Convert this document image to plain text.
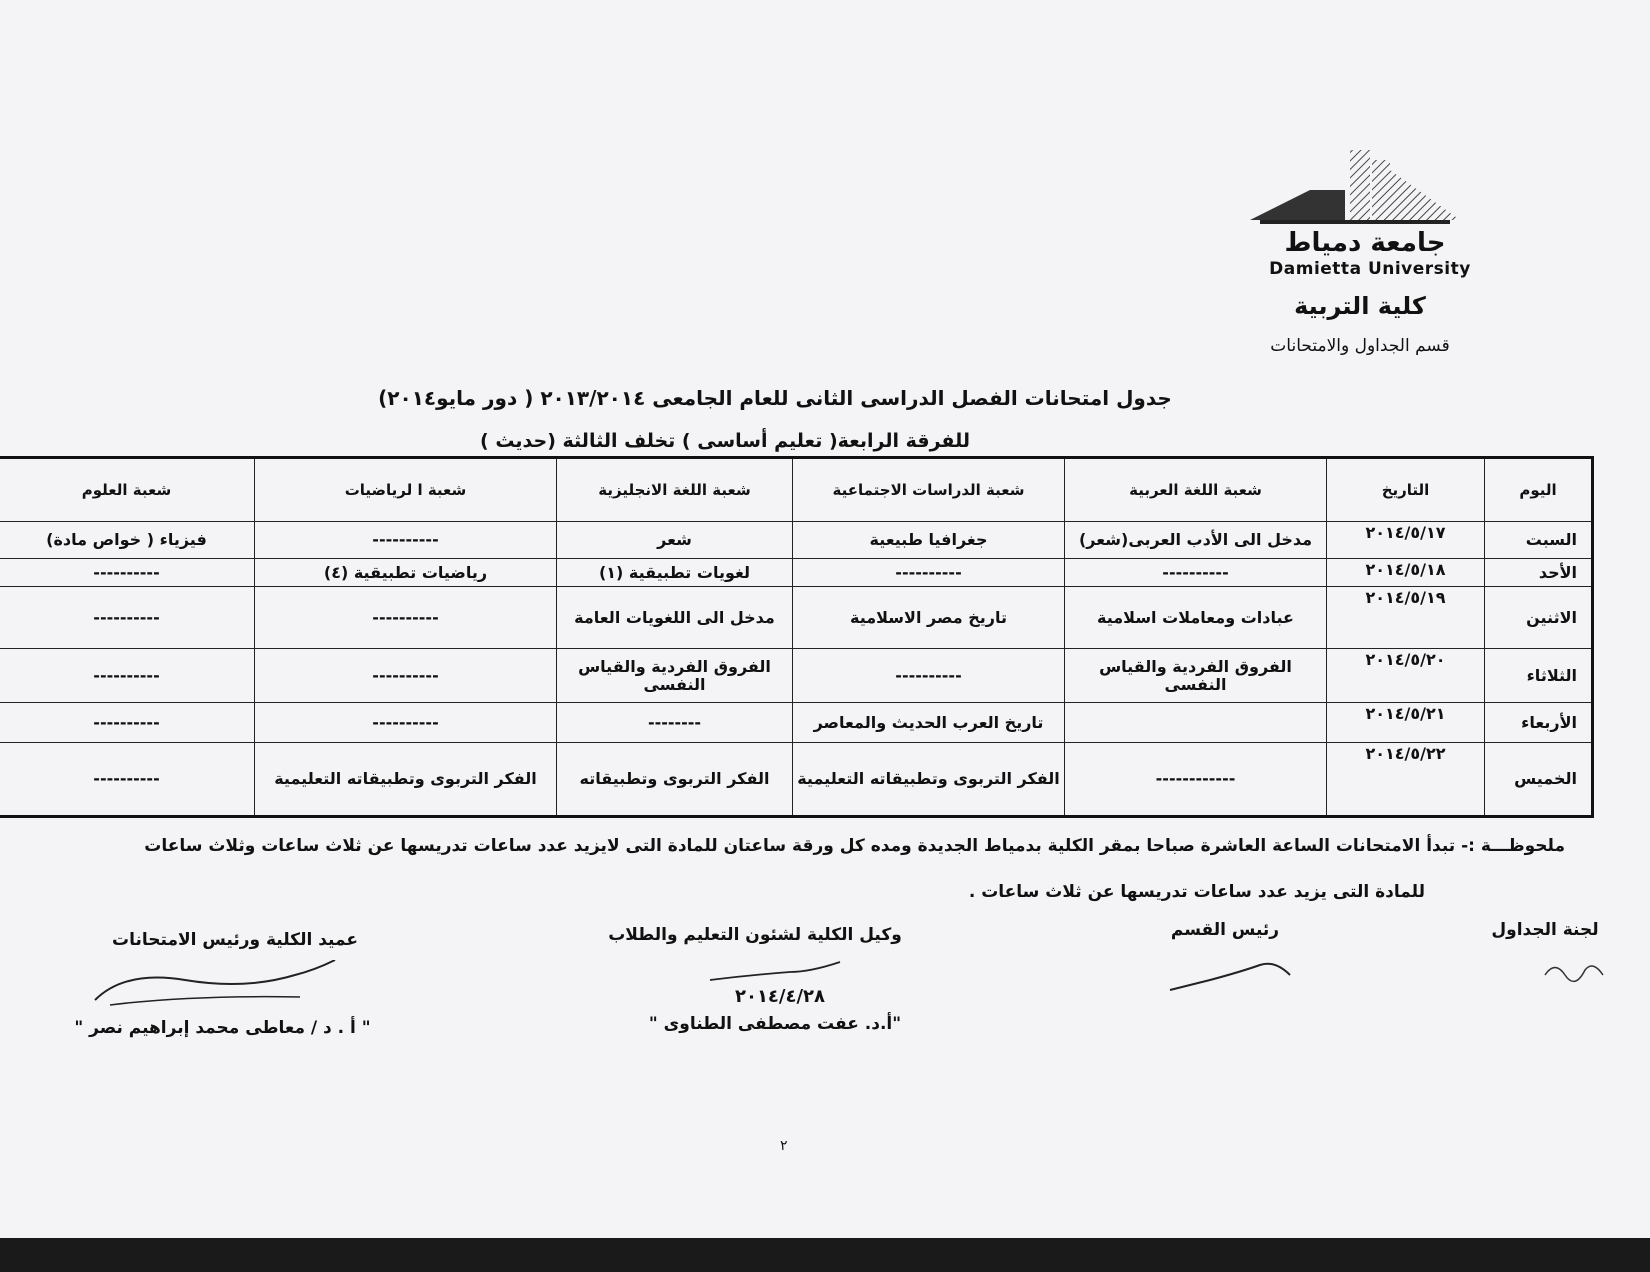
جامعة دمياط
Damietta University
كلية التربية
قسم الجداول والامتحانات
جدول امتحانات الفصل الدراسى الثانى للعام الجامعى ٢٠١٣/٢٠١٤ ( دور مايو٢٠١٤)
للفرقة الرابعة( تعليم أساسى ) تخلف الثالثة (حديث )
اليوم	التاريخ	شعبة اللغة العربية	شعبة الدراسات الاجتماعية	شعبة اللغة الانجليزية	شعبة ا لرياضيات	شعبة العلوم
السبت	٢٠١٤/٥/١٧	مدخل الى الأدب العربى(شعر)	جغرافيا طبيعية	شعر	----------	فيزياء ( خواص مادة)
الأحد	٢٠١٤/٥/١٨	----------	----------	لغويات تطبيقية (١)	رياضيات تطبيقية (٤)	----------
الاثنين	٢٠١٤/٥/١٩	عبادات ومعاملات اسلامية	تاريخ مصر الاسلامية	مدخل الى اللغويات العامة	----------	----------
الثلاثاء	٢٠١٤/٥/٢٠	الفروق الفردية والقياس النفسى	----------	الفروق الفردية والقياس النفسى	----------	----------
الأربعاء	٢٠١٤/٥/٢١		تاريخ العرب الحديث والمعاصر	--------	----------	----------
الخميس	٢٠١٤/٥/٢٢	------------	الفكر التربوى وتطبيقاته التعليمية	الفكر التربوى وتطبيقاته	الفكر التربوى وتطبيقاته التعليمية	----------
ملحوظـــة :- تبدأ الامتحانات الساعة العاشرة صباحا بمقر الكلية بدمياط الجديدة ومده كل ورقة ساعتان للمادة التى لايزيد عدد ساعات تدريسها عن ثلاث ساعات وثلاث ساعات
للمادة التى يزيد عدد ساعات تدريسها عن ثلاث ساعات .
لجنة الجداول
رئيس القسم
وكيل الكلية لشئون التعليم والطلاب
٢٠١٤/٤/٢٨
"أ.د. عفت مصطفى الطناوى "
عميد الكلية ورئيس الامتحانات
" أ . د / معاطى محمد إبراهيم نصر "
٢
